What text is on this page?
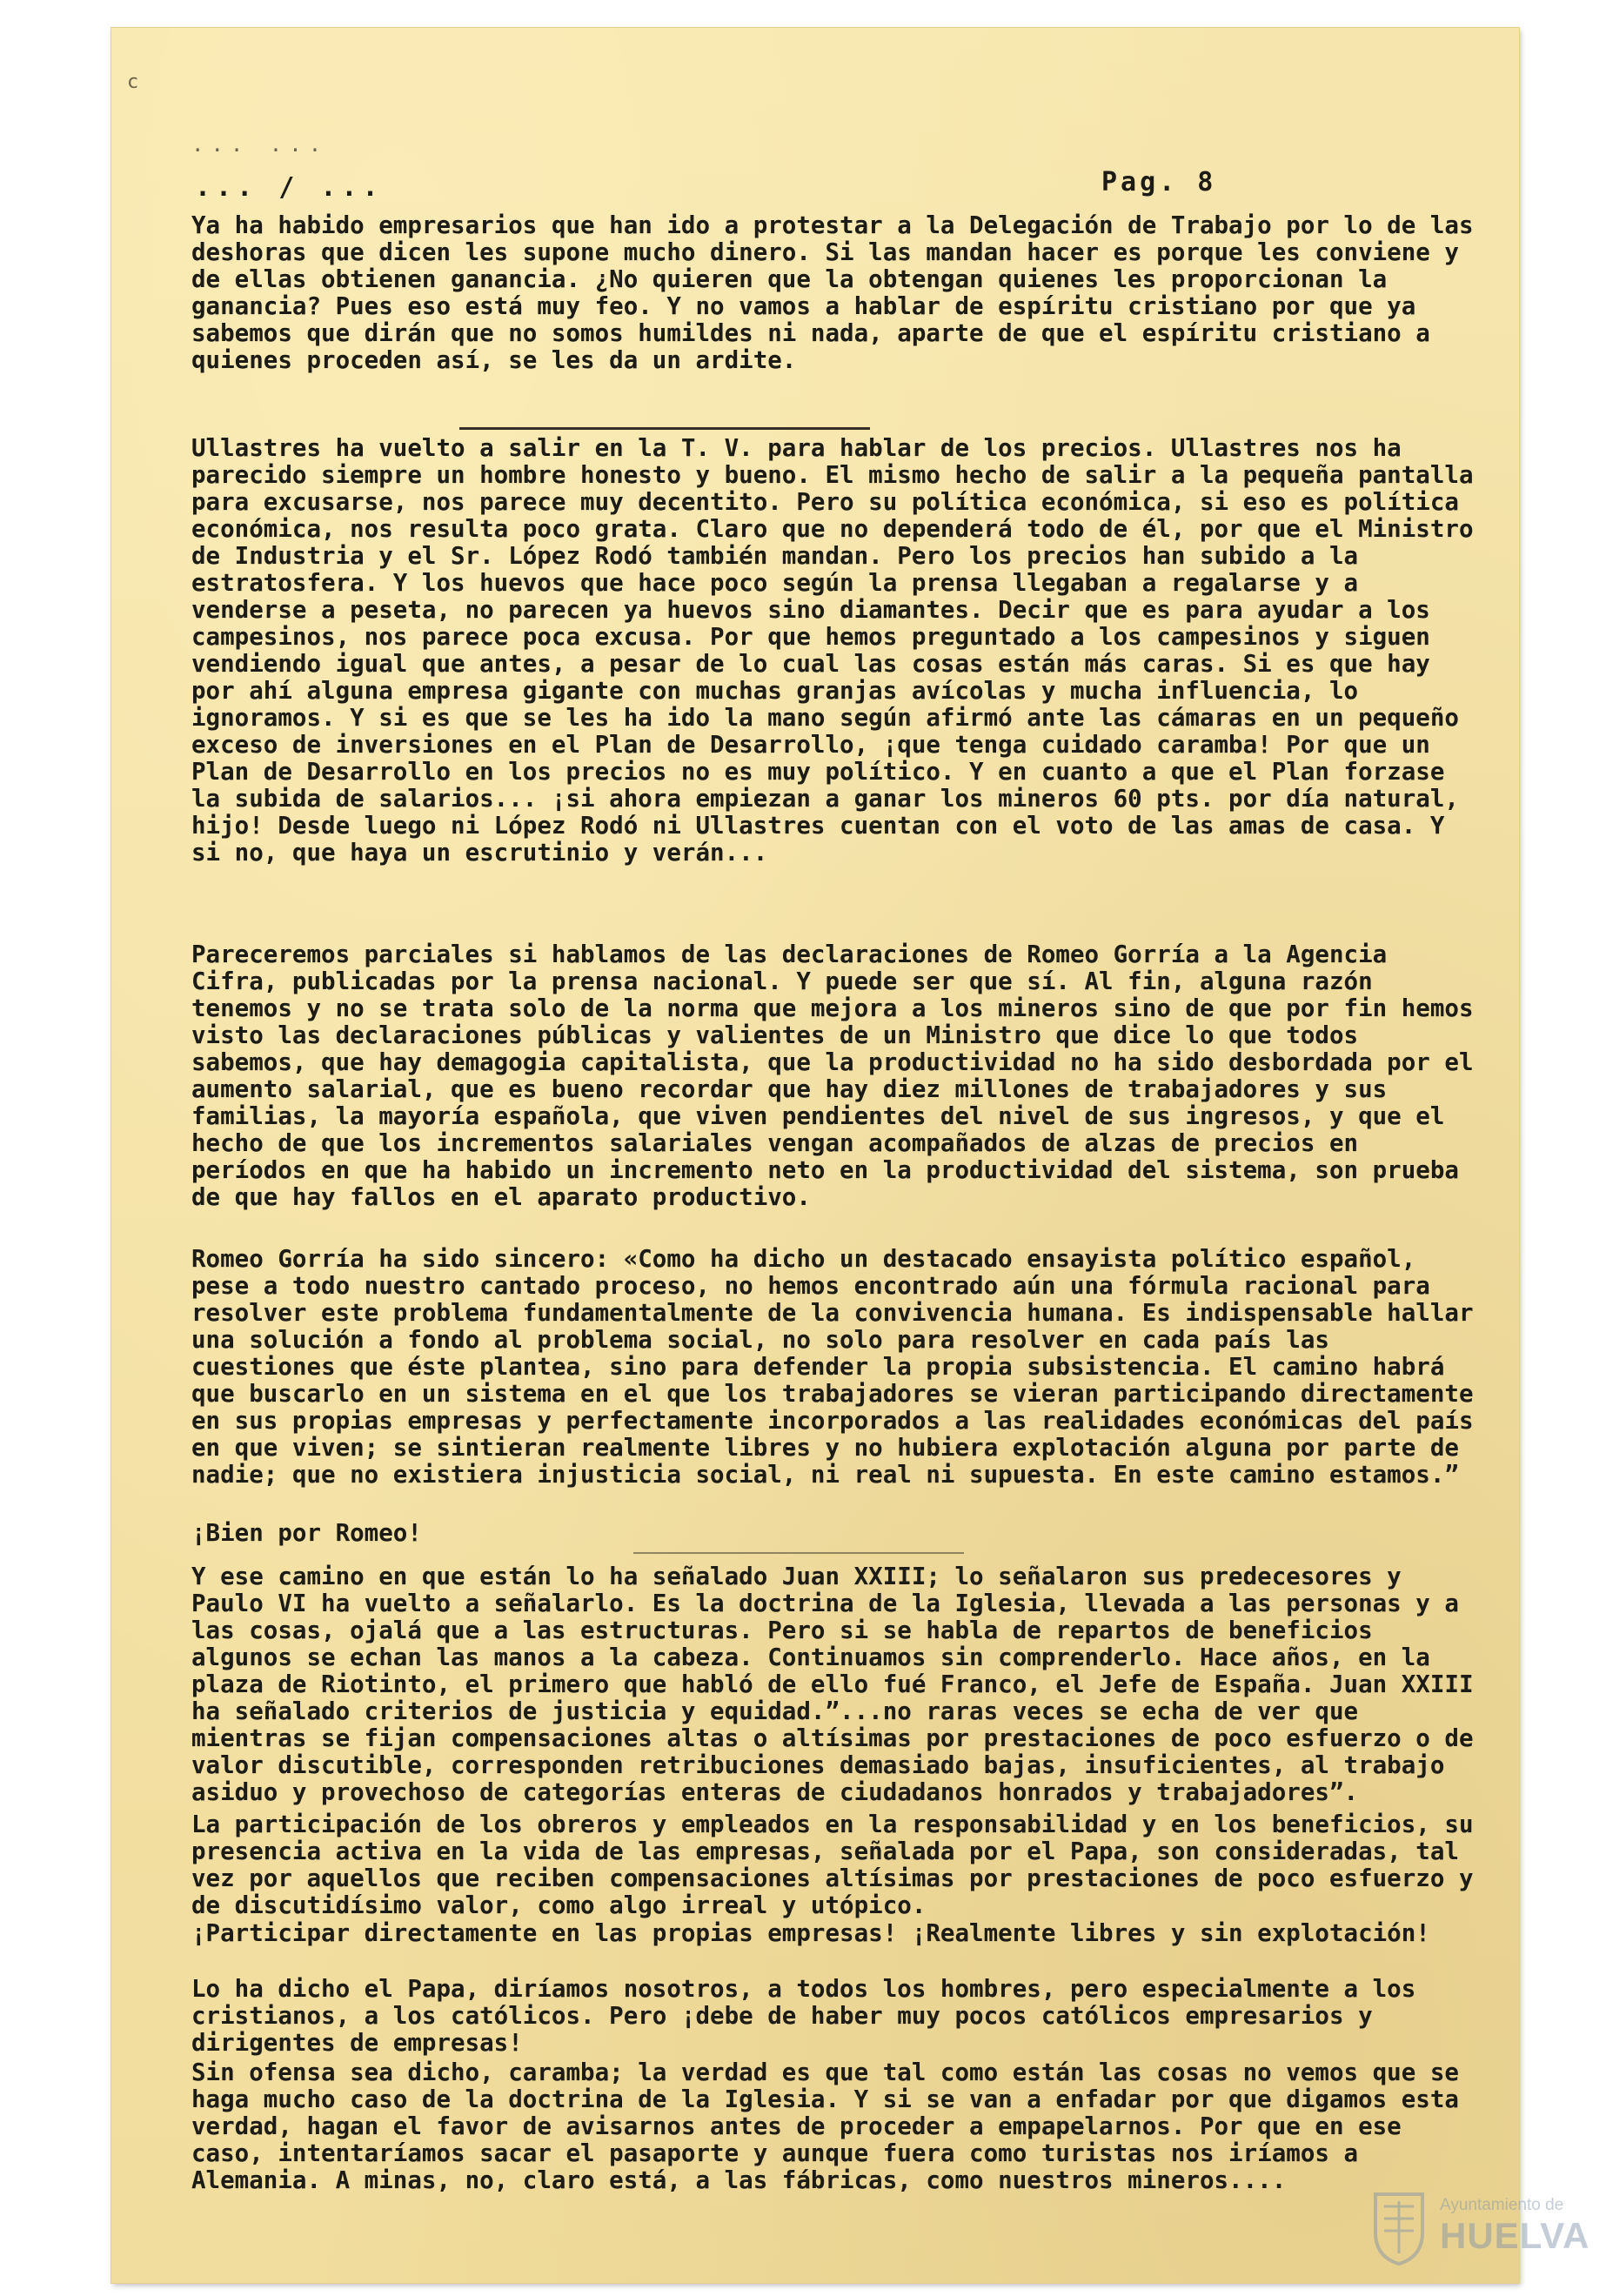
c
... ...
... / ...	Pag. 8

Ya ha habido empresarios que han ido a protestar a la Delegación de Trabajo por lo de las deshoras que dicen les supone mucho dinero. Si las mandan hacer es porque les conviene y de ellas obtienen ganancia. ¿No quieren que la obtengan quienes les proporcionan la ganancia? Pues eso está muy feo. Y no vamos a hablar de espíritu cristiano por que ya sabemos que dirán que no somos humildes ni nada, aparte de que el espíritu cristiano a quienes proceden así, se les da un ardite.

Ullastres ha vuelto a salir en la T. V. para hablar de los precios. Ullastres nos ha parecido siempre un hombre honesto y bueno. El mismo hecho de salir a la pequeña pantalla para excusarse, nos parece muy decentito. Pero su política económica, si eso es política económica, nos resulta poco grata. Claro que no dependerá todo de él, por que el Ministro de Industria y el Sr. López Rodó también mandan. Pero los precios han subido a la estratosfera. Y los huevos que hace poco según la prensa llegaban a regalarse y a venderse a peseta, no parecen ya huevos sino diamantes. Decir que es para ayudar a los campesinos, nos parece poca excusa. Por que hemos preguntado a los campesinos y siguen vendiendo igual que antes, a pesar de lo cual las cosas están más caras. Si es que hay por ahí alguna empresa gigante con muchas granjas avícolas y mucha influencia, lo ignoramos. Y si es que se les ha ido la mano según afirmó ante las cámaras en un pequeño exceso de inversiones en el Plan de Desarrollo, ¡que tenga cuidado caramba! Por que un Plan de Desarrollo en los precios no es muy político. Y en cuanto a que el Plan forzase la subida de salarios... ¡si ahora empiezan a ganar los mineros 60 pts. por día natural, hijo! Desde luego ni López Rodó ni Ullastres cuentan con el voto de las amas de casa. Y si no, que haya un escrutinio y verán...

Pareceremos parciales si hablamos de las declaraciones de Romeo Gorría a la Agencia Cifra, publicadas por la prensa nacional. Y puede ser que sí. Al fin, alguna razón tenemos y no se trata solo de la norma que mejora a los mineros sino de que por fin hemos visto las declaraciones públicas y valientes de un Ministro que dice lo que todos sabemos, que hay demagogia capitalista, que la productividad no ha sido desbordada por el aumento salarial, que es bueno recordar que hay diez millones de trabajadores y sus familias, la mayoría española, que viven pendientes del nivel de sus ingresos, y que el hecho de que los incrementos salariales vengan acompañados de alzas de precios en períodos en que ha habido un incremento neto en la productividad del sistema, son prueba de que hay fallos en el aparato productivo.

Romeo Gorría ha sido sincero: «Como ha dicho un destacado ensayista político español, pese a todo nuestro cantado proceso, no hemos encontrado aún una fórmula racional para resolver este problema fundamentalmente de la convivencia humana. Es indispensable hallar una solución a fondo al problema social, no solo para resolver en cada país las cuestiones que éste plantea, sino para defender la propia subsistencia. El camino habrá que buscarlo en un sistema en el que los trabajadores se vieran participando directamente en sus propias empresas y perfectamente incorporados a las realidades económicas del país en que viven; se sintieran realmente libres y no hubiera explotación alguna por parte de nadie; que no existiera injusticia social, ni real ni supuesta. En este camino estamos.”

¡Bien por Romeo!

Y ese camino en que están lo ha señalado Juan XXIII; lo señalaron sus predecesores y Paulo VI ha vuelto a señalarlo. Es la doctrina de la Iglesia, llevada a las personas y a las cosas, ojalá que a las estructuras. Pero si se habla de repartos de beneficios algunos se echan las manos a la cabeza. Continuamos sin comprenderlo. Hace años, en la plaza de Riotinto, el primero que habló de ello fué Franco, el Jefe de España. Juan XXIII ha señalado criterios de justicia y equidad.”...no raras veces se echa de ver que mientras se fijan compensaciones altas o altísimas por prestaciones de poco esfuerzo o de valor discutible, corresponden retribuciones demasiado bajas, insuficientes, al trabajo asiduo y provechoso de categorías enteras de ciudadanos honrados y trabajadores”.

La participación de los obreros y empleados en la responsabilidad y en los beneficios, su presencia activa en la vida de las empresas, señalada por el Papa, son consideradas, tal vez por aquellos que reciben compensaciones altísimas por prestaciones de poco esfuerzo y de discutidísimo valor, como algo irreal y utópico.

¡Participar directamente en las propias empresas! ¡Realmente libres y sin explotación!

Lo ha dicho el Papa, diríamos nosotros, a todos los hombres, pero especialmente a los cristianos, a los católicos. Pero ¡debe de haber muy pocos católicos empresarios y dirigentes de empresas!

Sin ofensa sea dicho, caramba; la verdad es que tal como están las cosas no vemos que se haga mucho caso de la doctrina de la Iglesia. Y si se van a enfadar por que digamos esta verdad, hagan el favor de avisarnos antes de proceder a empapelarnos. Por que en ese caso, intentaríamos sacar el pasaporte y aunque fuera como turistas nos iríamos a Alemania. A minas, no, claro está, a las fábricas, como nuestros mineros....

Ayuntamiento de
HUELVA
